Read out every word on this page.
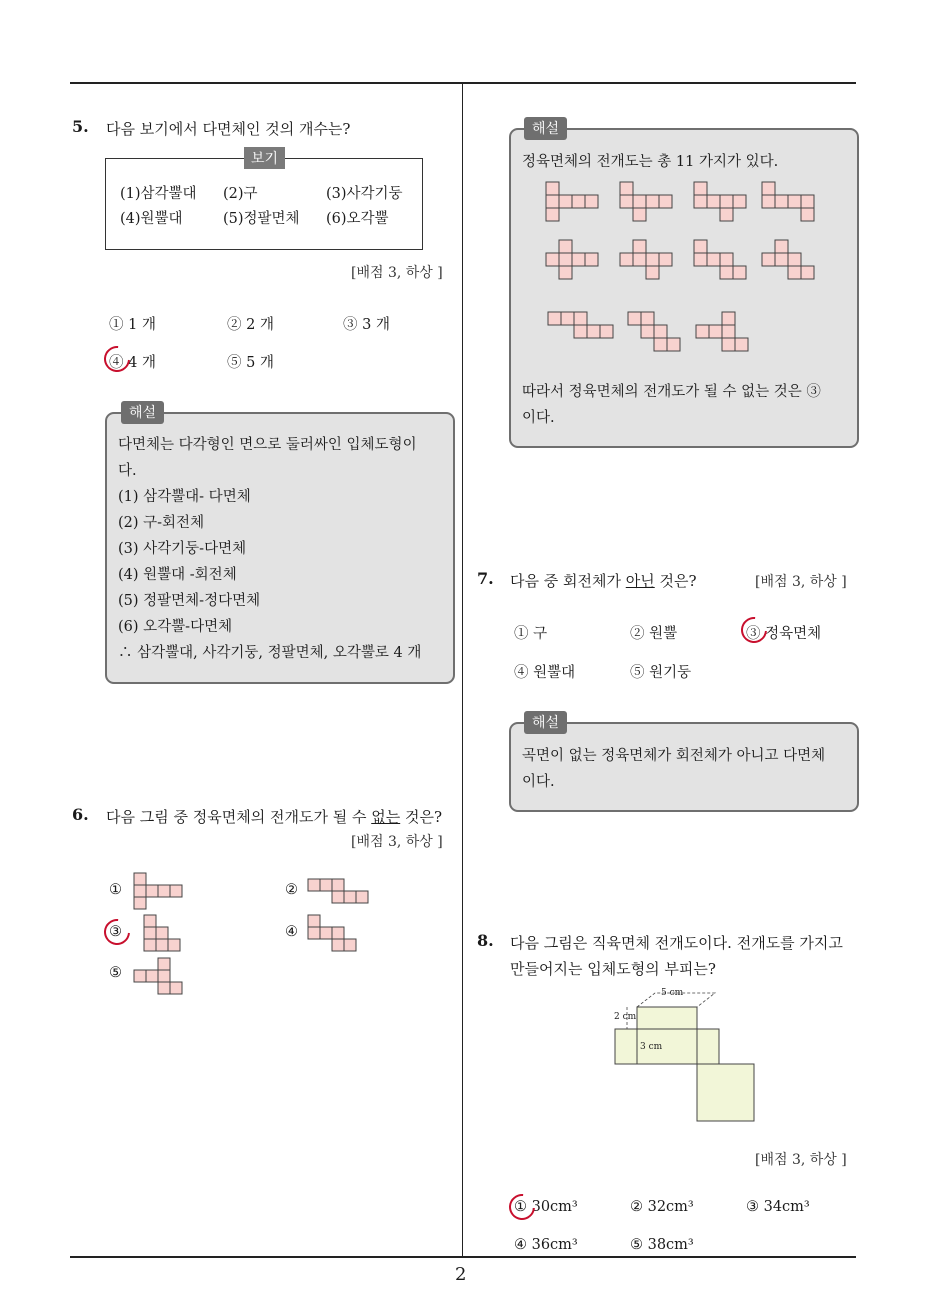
2
5. 다음 보기에서 다면체인 것의 개수는?
보기
(1)삼각뿔대 (2)구	(3)사각기둥
(4)원뿔대	(5)정팔면체 (6)오각뿔
[배점 3, 하상 ]
① 1 개	② 2 개	③ 3 개
④ 4 개	⑤ 5 개
해설
다면체는 다각형인 면으로 둘러싸인 입체도형이
다.
(1) 삼각뿔대- 다면체
(2) 구-회전체
(3) 사각기둥-다면체
(4) 원뿔대 -회전체
(5) 정팔면체-정다면체
(6) 오각뿔-다면체
∴ 삼각뿔대, 사각기둥, 정팔면체, 오각뿔로 4 개
6. 다음 그림 중 정육면체의 전개도가 될 수 없는 것은?
[배점 3, 하상 ]
①	②
③	④
⑤
해설
정육면체의 전개도는 총 11 가지가 있다.
따라서 정육면체의 전개도가 될 수 없는 것은 ③
이다.
7. 다음 중 회전체가 아닌 것은?	[배점 3, 하상 ]
① 구	② 원뿔	③ 정육면체
④ 원뿔대	⑤ 원기둥
해설
곡면이 없는 정육면체가 회전체가 아니고 다면체
이다.
8. 다음 그림은 직육면체 전개도이다. 전개도를 가지고
만들어지는 입체도형의 부피는?
5 cm
2 cm
3 cm
[배점 3, 하상 ]
① 30cm³	② 32cm³	③ 34cm³
④ 36cm³	⑤ 38cm³
